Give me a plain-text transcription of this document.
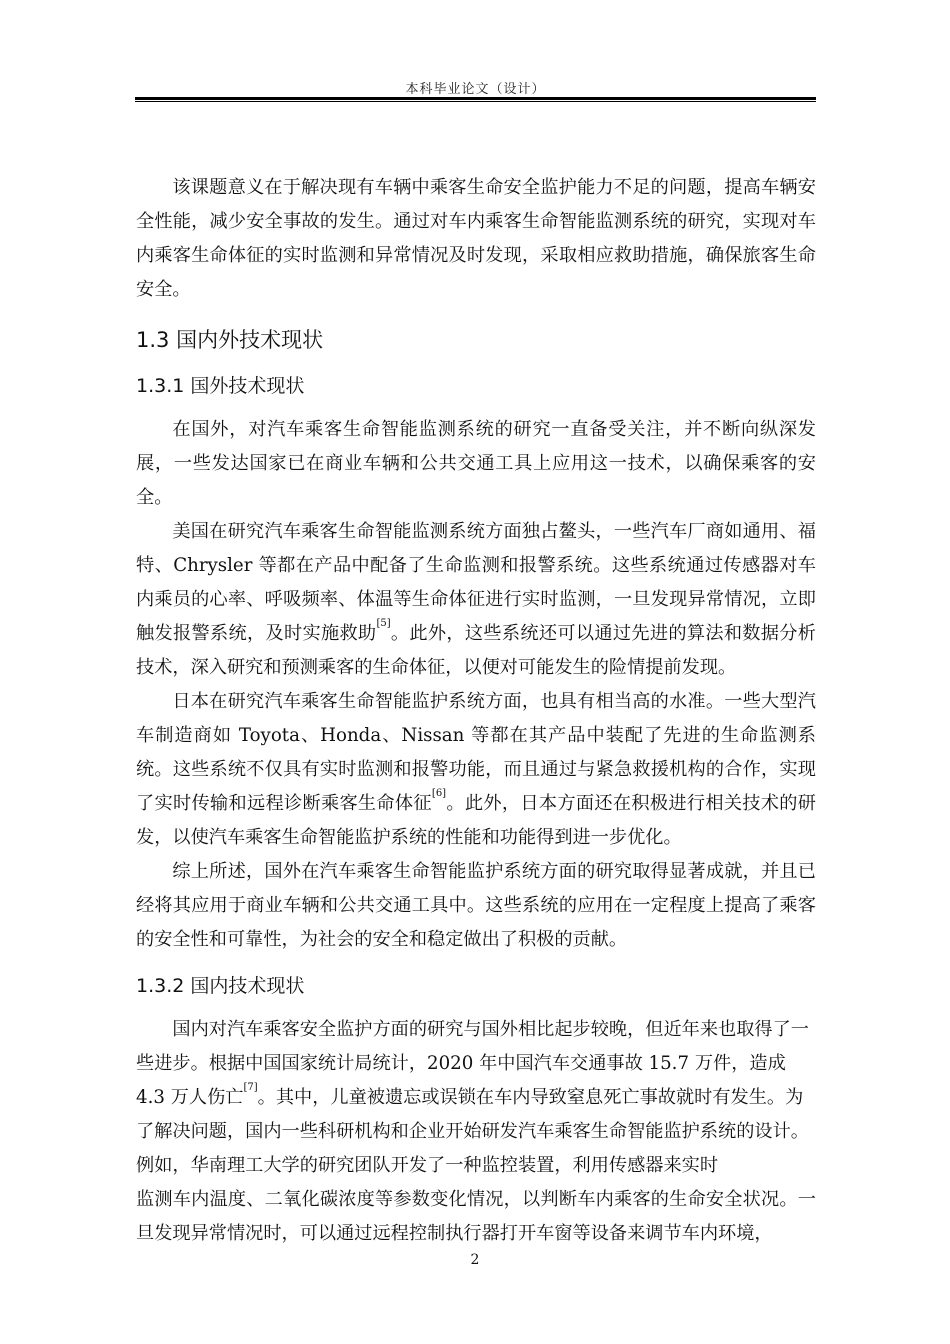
本科毕业论文（设计）

该课题意义在于解决现有车辆中乘客生命安全监护能力不足的问题，提高车辆安全性能，减少安全事故的发生。通过对车内乘客生命智能监测系统的研究，实现对车内乘客生命体征的实时监测和异常情况及时发现，采取相应救助措施，确保旅客生命安全。

1.3 国内外技术现状
1.3.1 国外技术现状

在国外，对汽车乘客生命智能监测系统的研究一直备受关注，并不断向纵深发展，一些发达国家已在商业车辆和公共交通工具上应用这一技术，以确保乘客的安全。

美国在研究汽车乘客生命智能监测系统方面独占鳌头，一些汽车厂商如通用、福特、Chrysler 等都在产品中配备了生命监测和报警系统。这些系统通过传感器对车内乘员的心率、呼吸频率、体温等生命体征进行实时监测，一旦发现异常情况，立即触发报警系统，及时实施救助[5]。此外，这些系统还可以通过先进的算法和数据分析技术，深入研究和预测乘客的生命体征，以便对可能发生的险情提前发现。

日本在研究汽车乘客生命智能监护系统方面，也具有相当高的水准。一些大型汽车制造商如 Toyota、Honda、Nissan 等都在其产品中装配了先进的生命监测系统。这些系统不仅具有实时监测和报警功能，而且通过与紧急救援机构的合作，实现了实时传输和远程诊断乘客生命体征[6]。此外，日本方面还在积极进行相关技术的研发，以使汽车乘客生命智能监护系统的性能和功能得到进一步优化。

综上所述，国外在汽车乘客生命智能监护系统方面的研究取得显著成就，并且已经将其应用于商业车辆和公共交通工具中。这些系统的应用在一定程度上提高了乘客的安全性和可靠性，为社会的安全和稳定做出了积极的贡献。

1.3.2 国内技术现状

国内对汽车乘客安全监护方面的研究与国外相比起步较晚，但近年来也取得了一些进步。根据中国国家统计局统计，2020 年中国汽车交通事故 15.7 万件，造成 4.3 万人伤亡[7]。其中，儿童被遗忘或误锁在车内导致窒息死亡事故就时有发生。为了解决问题，国内一些科研机构和企业开始研发汽车乘客生命智能监护系统的设计。例如，华南理工大学的研究团队开发了一种监控装置，利用传感器来实时

监测车内温度、二氧化碳浓度等参数变化情况，以判断车内乘客的生命安全状况。一旦发现异常情况时，可以通过远程控制执行器打开车窗等设备来调节车内环境，

2
